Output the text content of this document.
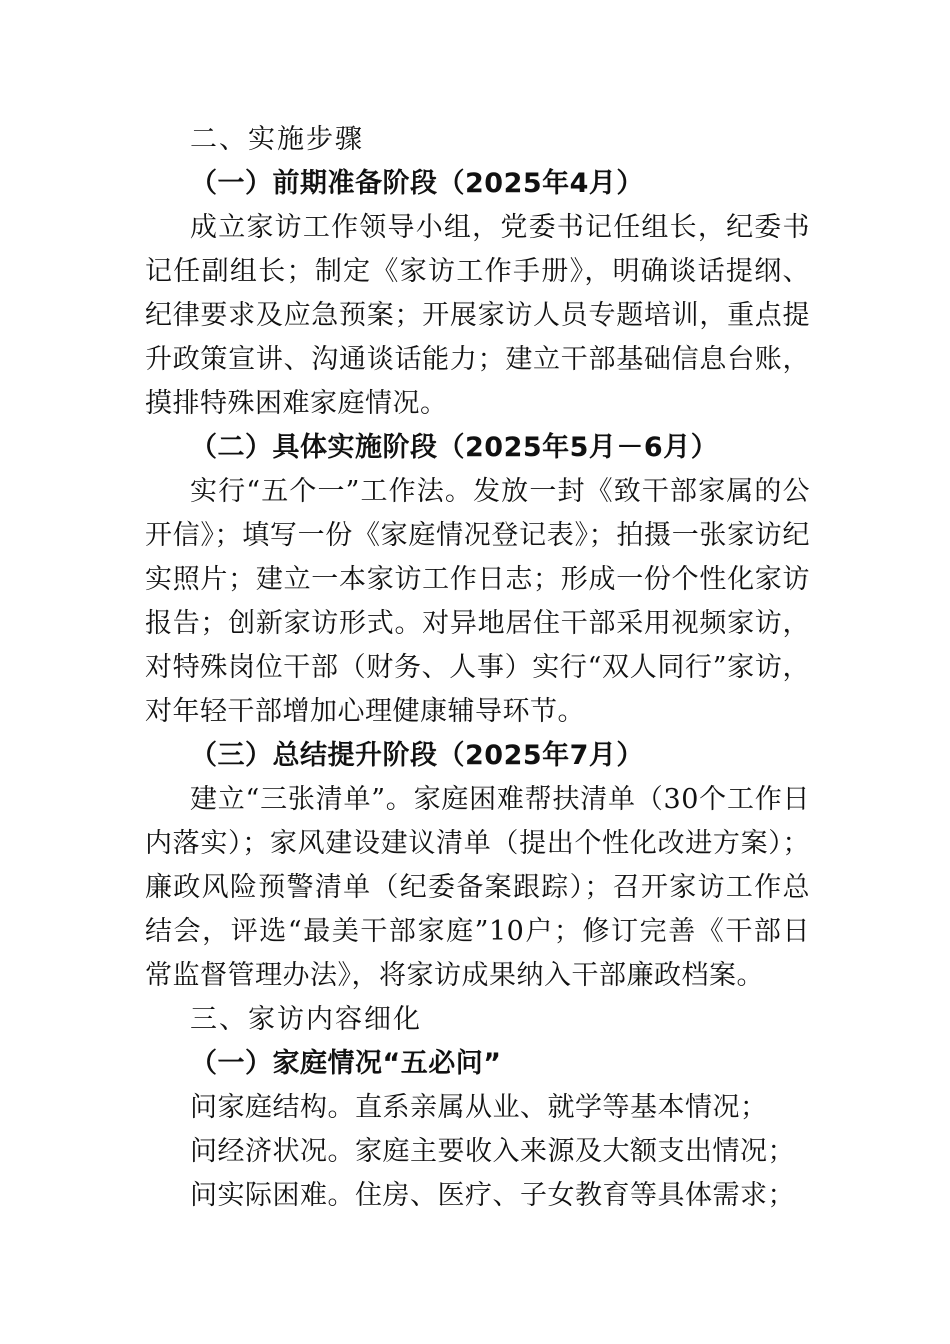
二、实施步骤

（一）前期准备阶段（2025年4月）

成立家访工作领导小组，党委书记任组长，纪委书记任副组长；制定《家访工作手册》，明确谈话提纲、纪律要求及应急预案；开展家访人员专题培训，重点提升政策宣讲、沟通谈话能力；建立干部基础信息台账，摸排特殊困难家庭情况。

（二）具体实施阶段（2025年5月－6月）

实行“五个一”工作法。发放一封《致干部家属的公开信》；填写一份《家庭情况登记表》；拍摄一张家访纪实照片；建立一本家访工作日志；形成一份个性化家访报告；创新家访形式。对异地居住干部采用视频家访，对特殊岗位干部（财务、人事）实行“双人同行”家访，对年轻干部增加心理健康辅导环节。

（三）总结提升阶段（2025年7月）

建立“三张清单”。家庭困难帮扶清单（30个工作日内落实）；家风建设建议清单（提出个性化改进方案）；廉政风险预警清单（纪委备案跟踪）；召开家访工作总结会，评选“最美干部家庭”10户；修订完善《干部日常监督管理办法》，将家访成果纳入干部廉政档案。

三、家访内容细化

（一）家庭情况“五必问”

问家庭结构。直系亲属从业、就学等基本情况；

问经济状况。家庭主要收入来源及大额支出情况；

问实际困难。住房、医疗、子女教育等具体需求；
